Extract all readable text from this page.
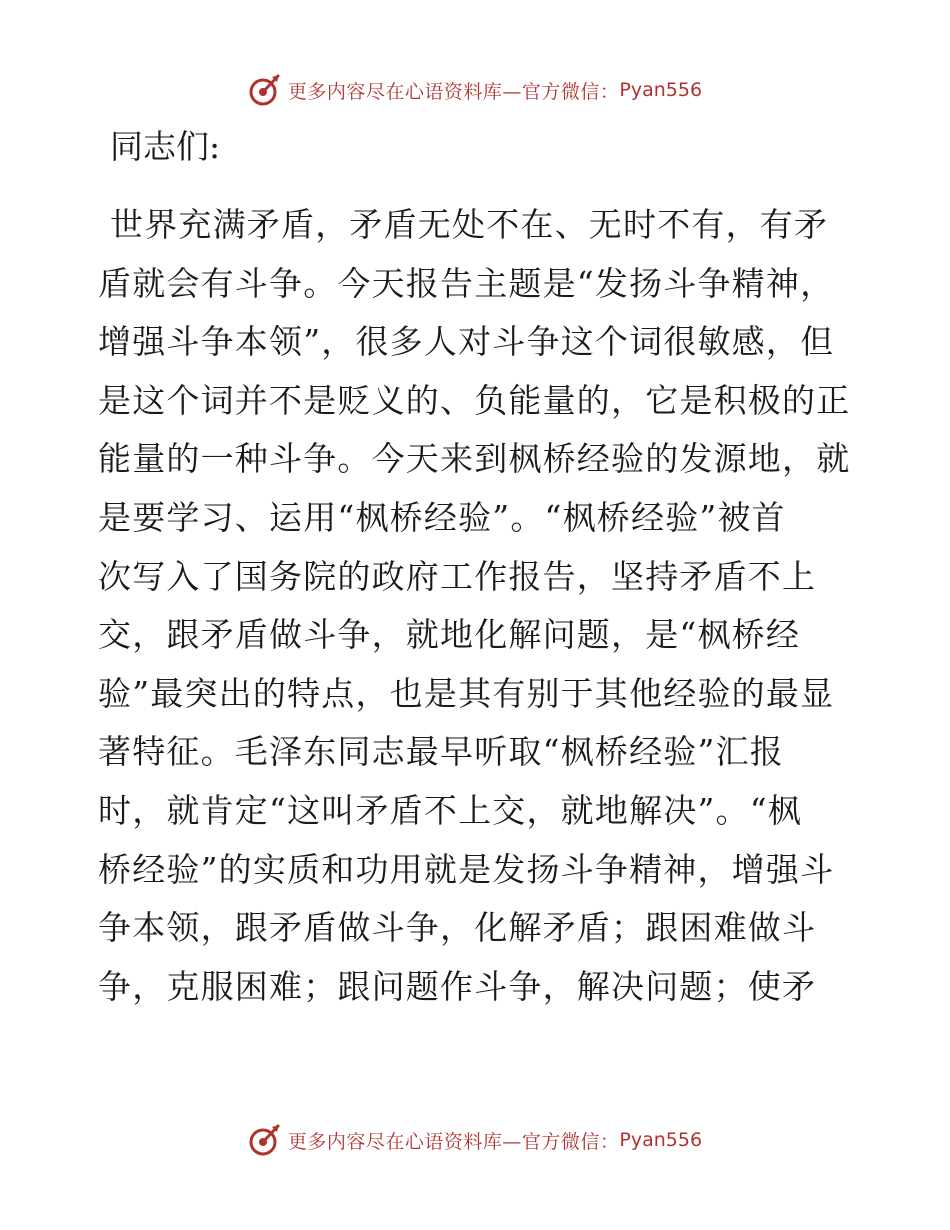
更多内容尽在心语资料库—官方微信： Pyan556
同志们:
世界充满矛盾，矛盾无处不在、无时不有，有矛
盾就会有斗争。今天报告主题是“发扬斗争精神，
增强斗争本领”，很多人对斗争这个词很敏感，但
是这个词并不是贬义的、负能量的，它是积极的正
能量的一种斗争。今天来到枫桥经验的发源地，就
是要学习、运用“枫桥经验”。“枫桥经验”被首
次写入了国务院的政府工作报告，坚持矛盾不上
交，跟矛盾做斗争，就地化解问题，是“枫桥经
验”最突出的特点，也是其有别于其他经验的最显
著特征。毛泽东同志最早听取“枫桥经验”汇报
时，就肯定“这叫矛盾不上交，就地解决”。“枫
桥经验”的实质和功用就是发扬斗争精神，增强斗
争本领，跟矛盾做斗争，化解矛盾；跟困难做斗
争，克服困难；跟问题作斗争，解决问题；使矛
更多内容尽在心语资料库—官方微信： Pyan556
